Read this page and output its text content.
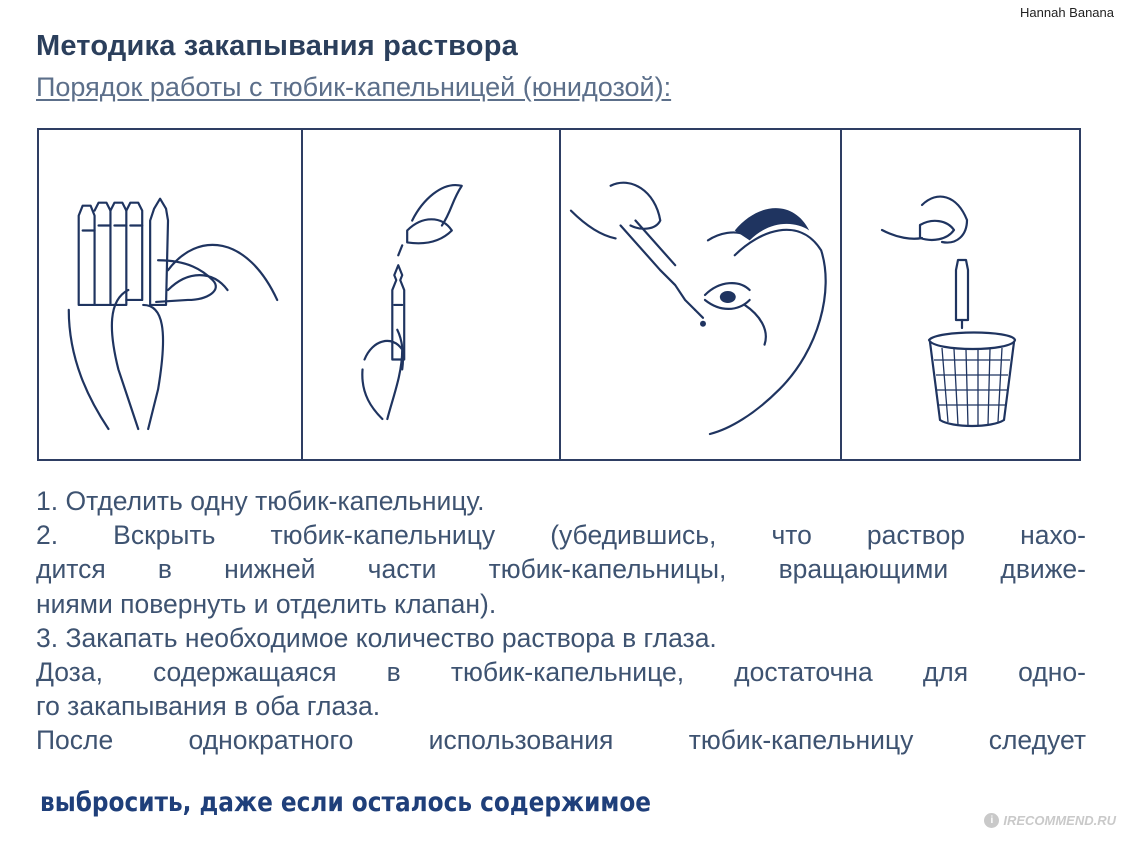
Hannah Banana
Методика закапывания раствора
Порядок работы с тюбик-капельницей (юнидозой):

1. Отделить одну тюбик-капельницу.

2. Вскрыть тюбик-капельницу (убедившись, что раствор нахо-

дится в нижней части тюбик-капельницы, вращающими движе-

ниями повернуть и отделить клапан).

3. Закапать необходимое количество раствора в глаза.

Доза, содержащаяся в тюбик-капельнице, достаточна для одно-

го закапывания в оба глаза.

После однократного использования тюбик-капельницу следует

выбросить, даже если осталось содержимое
i IRECOMMEND.RU
